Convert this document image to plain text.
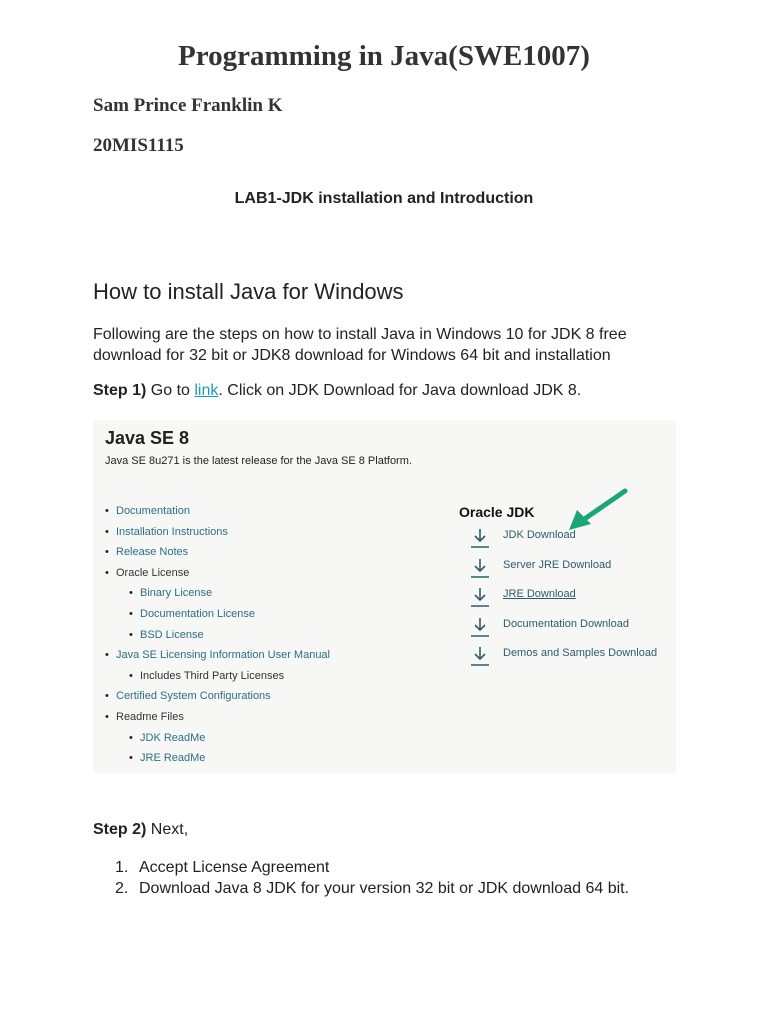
Programming in Java(SWE1007)

Sam Prince Franklin K

20MIS1115

LAB1-JDK installation and Introduction

How to install Java for Windows

Following are the steps on how to install Java in Windows 10 for JDK 8 free download for 32 bit or JDK8 download for Windows 64 bit and installation

Step 1) Go to link. Click on JDK Download for Java download JDK 8.

Java SE 8

Java SE 8u271 is the latest release for the Java SE 8 Platform.

• Documentation
• Installation Instructions
• Release Notes
• Oracle License
• Binary License
• Documentation License
• BSD License
• Java SE Licensing Information User Manual
• Includes Third Party Licenses
• Certified System Configurations
• Readme Files
• JDK ReadMe
• JRE ReadMe
Oracle JDK
JDK Download
Server JRE Download
JRE Download
Documentation Download
Demos and Samples Download

Step 2) Next,

1. Accept License Agreement
2. Download Java 8 JDK for your version 32 bit or JDK download 64 bit.
